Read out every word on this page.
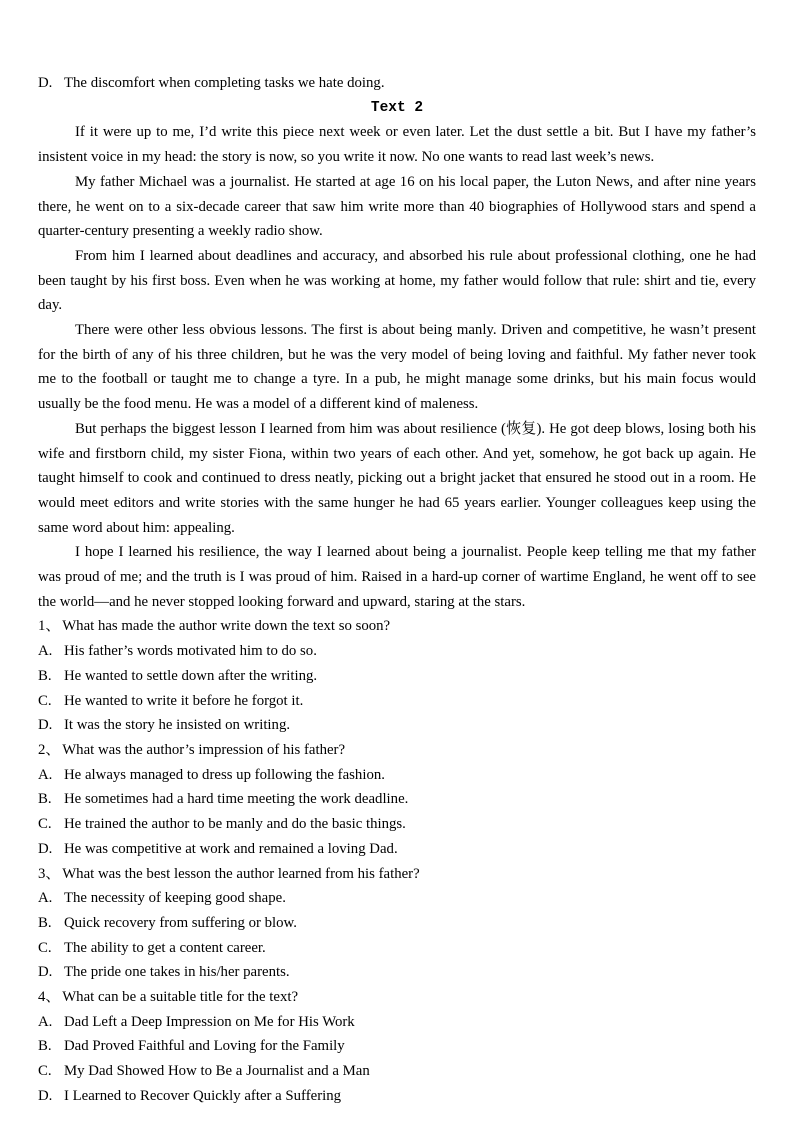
D. The discomfort when completing tasks we hate doing.
Text 2

If it were up to me, I’d write this piece next week or even later. Let the dust settle a bit. But I have my father’s insistent voice in my head: the story is now, so you write it now. No one wants to read last week’s news.

My father Michael was a journalist. He started at age 16 on his local paper, the Luton News, and after nine years there, he went on to a six-decade career that saw him write more than 40 biographies of Hollywood stars and spend a quarter-century presenting a weekly radio show.

From him I learned about deadlines and accuracy, and absorbed his rule about professional clothing, one he had been taught by his first boss. Even when he was working at home, my father would follow that rule: shirt and tie, every day.

There were other less obvious lessons. The first is about being manly. Driven and competitive, he wasn’t present for the birth of any of his three children, but he was the very model of being loving and faithful. My father never took me to the football or taught me to change a tyre. In a pub, he might manage some drinks, but his main focus would usually be the food menu. He was a model of a different kind of maleness.

But perhaps the biggest lesson I learned from him was about resilience (恢复). He got deep blows, losing both his wife and firstborn child, my sister Fiona, within two years of each other. And yet, somehow, he got back up again. He taught himself to cook and continued to dress neatly, picking out a bright jacket that ensured he stood out in a room. He would meet editors and write stories with the same hunger he had 65 years earlier. Younger colleagues keep using the same word about him: appealing.

I hope I learned his resilience, the way I learned about being a journalist. People keep telling me that my father was proud of me; and the truth is I was proud of him. Raised in a hard-up corner of wartime England, he went off to see the world—and he never stopped looking forward and upward, staring at the stars.

1、 What has made the author write down the text so soon?
A. His father’s words motivated him to do so.
B. He wanted to settle down after the writing.
C. He wanted to write it before he forgot it.
D. It was the story he insisted on writing.
2、 What was the author’s impression of his father?
A. He always managed to dress up following the fashion.
B. He sometimes had a hard time meeting the work deadline.
C. He trained the author to be manly and do the basic things.
D. He was competitive at work and remained a loving Dad.
3、 What was the best lesson the author learned from his father?
A. The necessity of keeping good shape.
B. Quick recovery from suffering or blow.
C. The ability to get a content career.
D. The pride one takes in his/her parents.
4、 What can be a suitable title for the text?
A. Dad Left a Deep Impression on Me for His Work
B. Dad Proved Faithful and Loving for the Family
C. My Dad Showed How to Be a Journalist and a Man
D. I Learned to Recover Quickly after a Suffering
